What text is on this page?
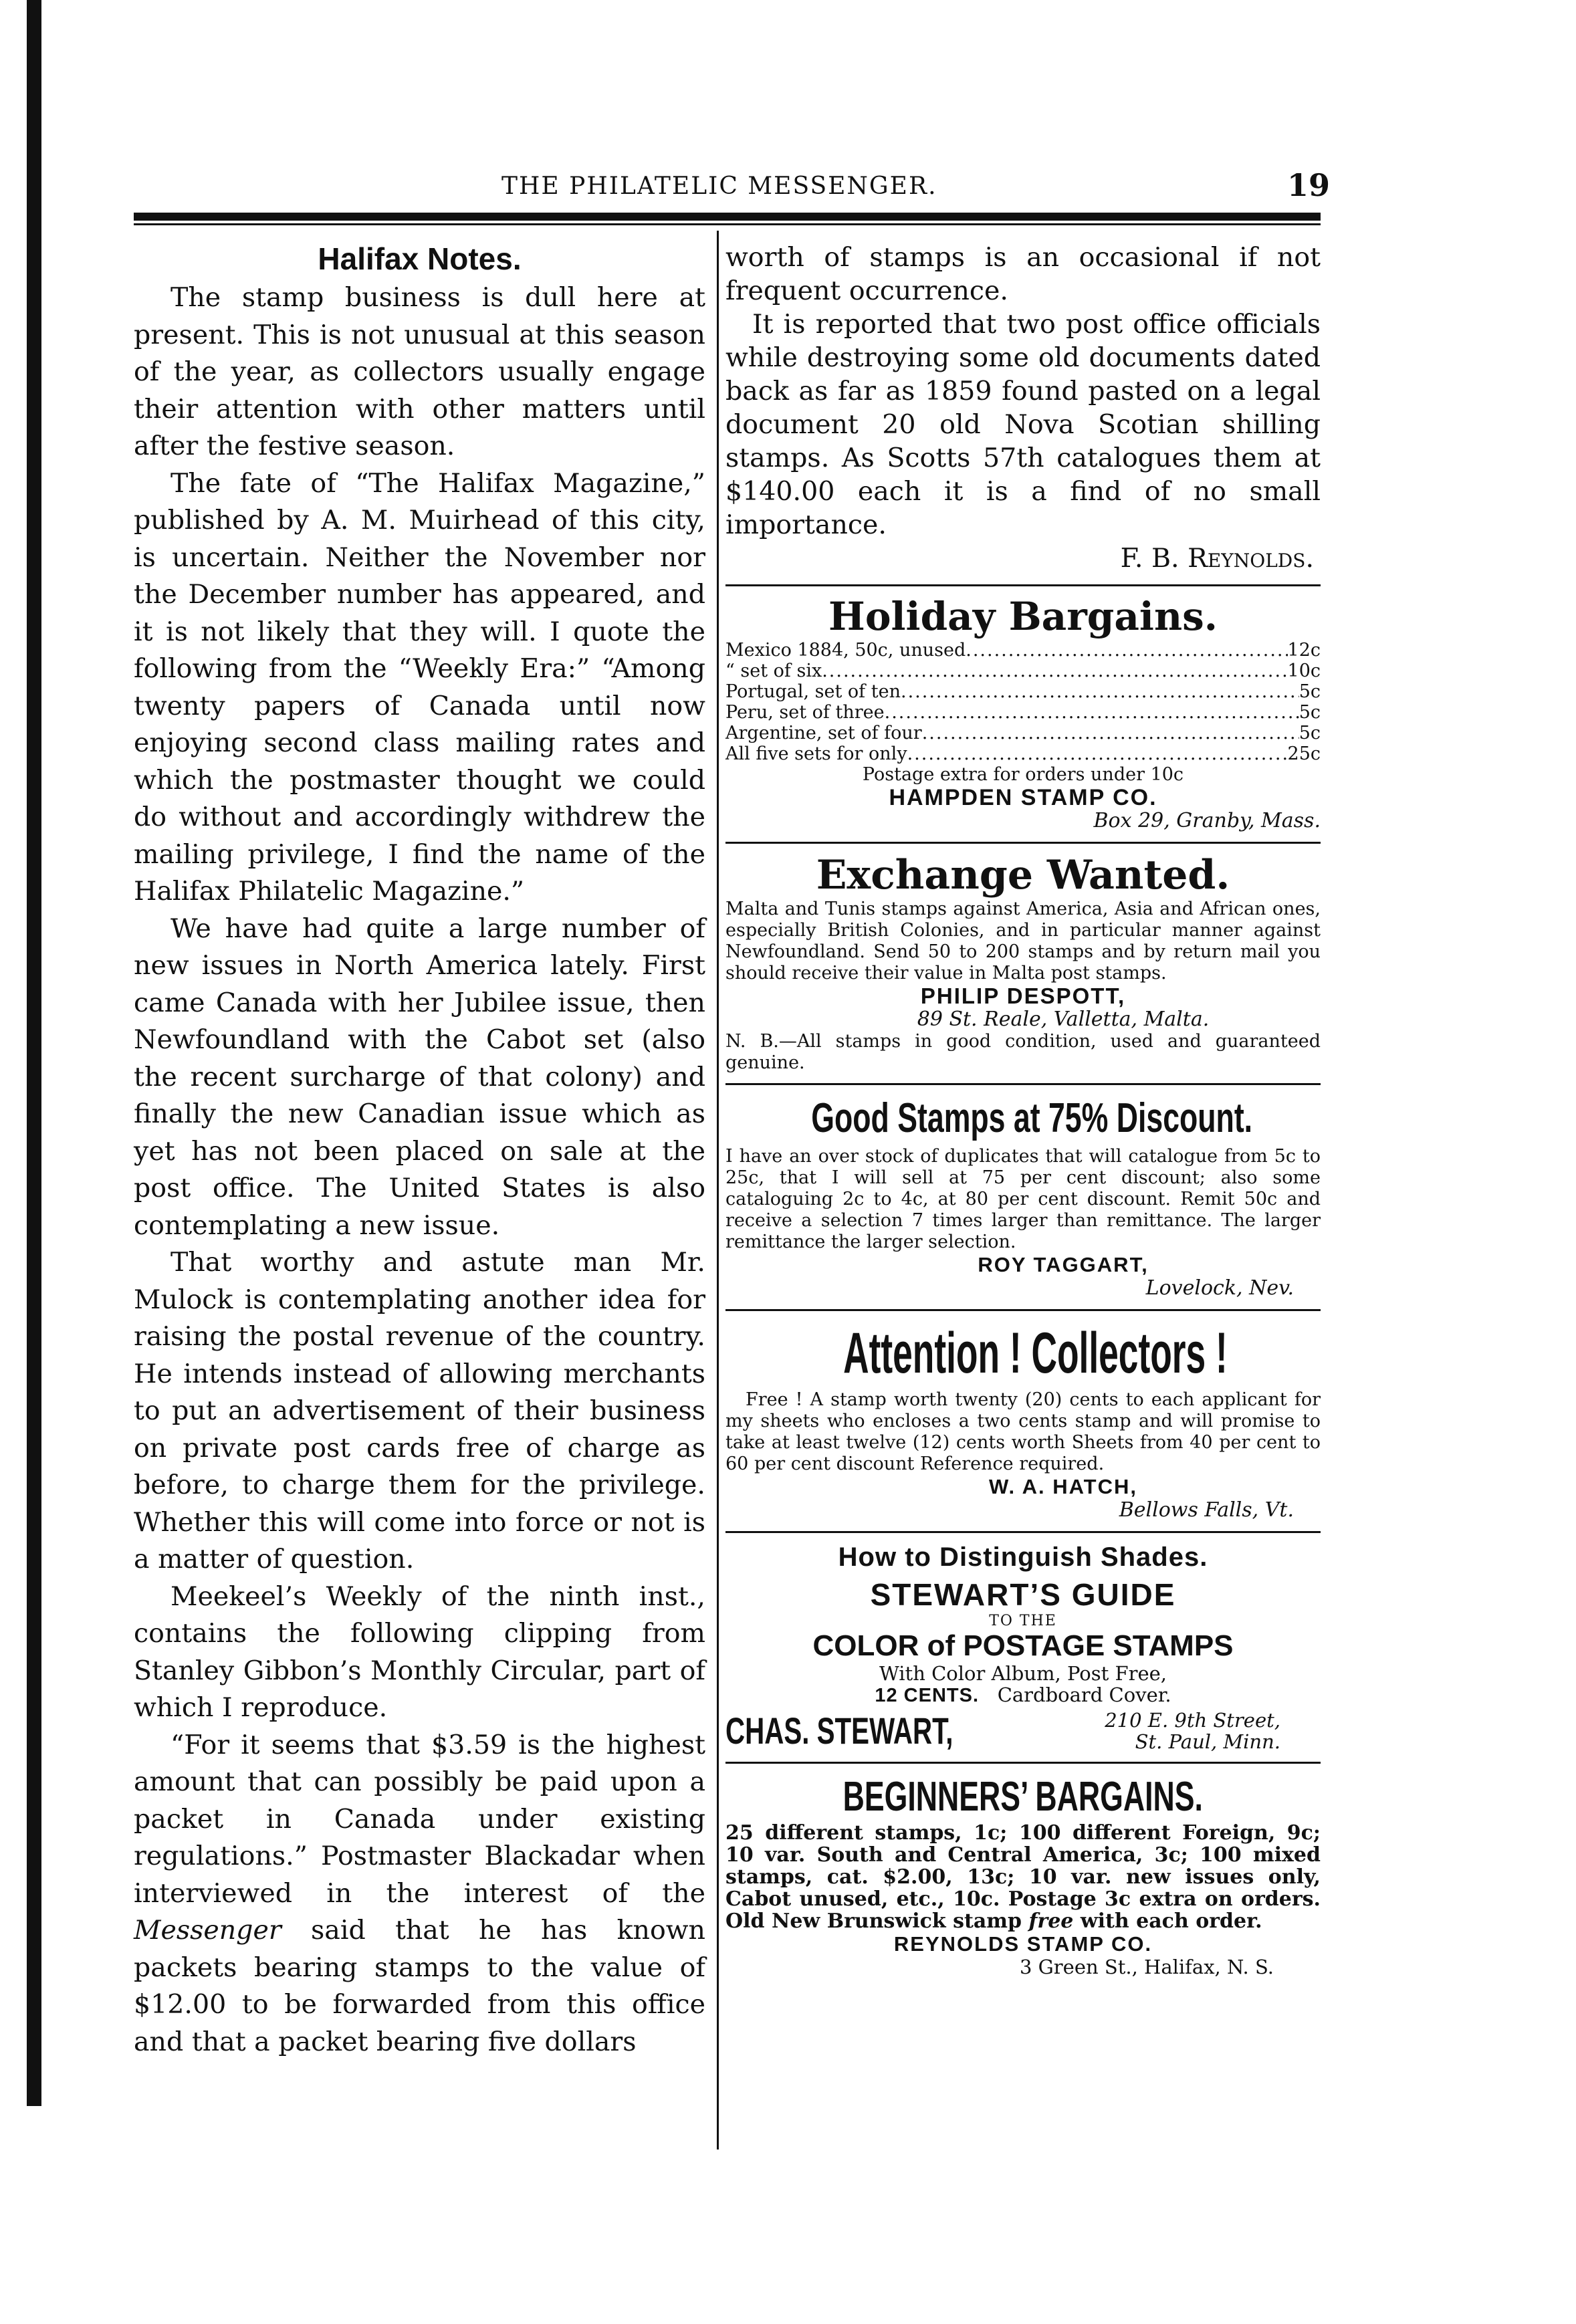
THE PHILATELIC MESSENGER.	19
Halifax Notes.

The stamp business is dull here at present. This is not unusual at this season of the year, as collectors usually engage their attention with other matters until after the festive season.

The fate of “The Halifax Magazine,” published by A. M. Muirhead of this city, is uncertain. Neither the November nor the December number has appeared, and it is not likely that they will. I quote the following from the “Weekly Era:” “Among twenty papers of Canada until now enjoying second class mailing rates and which the postmaster thought we could do without and accordingly withdrew the mailing privilege, I find the name of the Halifax Philatelic Magazine.”

We have had quite a large number of new issues in North America lately. First came Canada with her Jubilee issue, then Newfoundland with the Cabot set (also the recent surcharge of that colony) and finally the new Canadian issue which as yet has not been placed on sale at the post office. The United States is also contemplating a new issue.

That worthy and astute man Mr. Mulock is contemplating another idea for raising the postal revenue of the country. He intends instead of allowing merchants to put an advertisement of their business on private post cards free of charge as before, to charge them for the privilege. Whether this will come into force or not is a matter of question.

Meekeel’s Weekly of the ninth inst., contains the following clipping from Stanley Gibbon’s Monthly Circular, part of which I reproduce.

“For it seems that $3.59 is the highest amount that can possibly be paid upon a packet in Canada under existing regulations.” Postmaster Blackadar when interviewed in the interest of the Messenger said that he has known packets bearing stamps to the value of $12.00 to be forwarded from this office and that a packet bearing five dollars

worth of stamps is an occasional if not frequent occurrence.

It is reported that two post office officials while destroying some old documents dated back as far as 1859 found pasted on a legal document 20 old Nova Scotian shilling stamps. As Scotts 57th catalogues them at $140.00 each it is a find of no small importance.

F. B. Reynolds.
Holiday Bargains.
Mexico 1884, 50c, unused .....	12c
“ set of six .....	10c
Portugal, set of ten .....	5c
Peru, set of three .....	5c
Argentine, set of four .....	5c
All five sets for only .....	25c
Postage extra for orders under 10c
HAMPDEN STAMP CO.
Box 29, Granby, Mass.
Exchange Wanted.

Malta and Tunis stamps against America, Asia and African ones, especially British Colonies, and in particular manner against Newfoundland. Send 50 to 200 stamps and by return mail you should receive their value in Malta post stamps.

PHILIP DESPOTT,
89 St. Reale, Valletta, Malta.

N. B.—All stamps in good condition, used and guaranteed genuine.

Good Stamps at 75% Discount.

I have an over stock of duplicates that will catalogue from 5c to 25c, that I will sell at 75 per cent discount; also some cataloguing 2c to 4c, at 80 per cent discount. Remit 50c and receive a selection 7 times larger than remittance. The larger remittance the larger selection.

ROY TAGGART,
Lovelock, Nev.
Attention ! Collectors !

Free ! A stamp worth twenty (20) cents to each applicant for my sheets who encloses a two cents stamp and will promise to take at least twelve (12) cents worth Sheets from 40 per cent to 60 per cent discount Reference required.

W. A. HATCH,
Bellows Falls, Vt.
How to Distinguish Shades.
STEWART’S GUIDE
TO THE
COLOR of POSTAGE STAMPS
With Color Album, Post Free,
12 CENTS. Cardboard Cover.
CHAS. STEWART,	210 E. 9th Street,
St. Paul, Minn.
BEGINNERS’ BARGAINS.

25 different stamps, 1c; 100 different Foreign, 9c; 10 var. South and Central America, 3c; 100 mixed stamps, cat. $2.00, 13c; 10 var. new issues only, Cabot unused, etc., 10c. Postage 3c extra on orders. Old New Brunswick stamp free with each order.

REYNOLDS STAMP CO.
3 Green St., Halifax, N. S.
